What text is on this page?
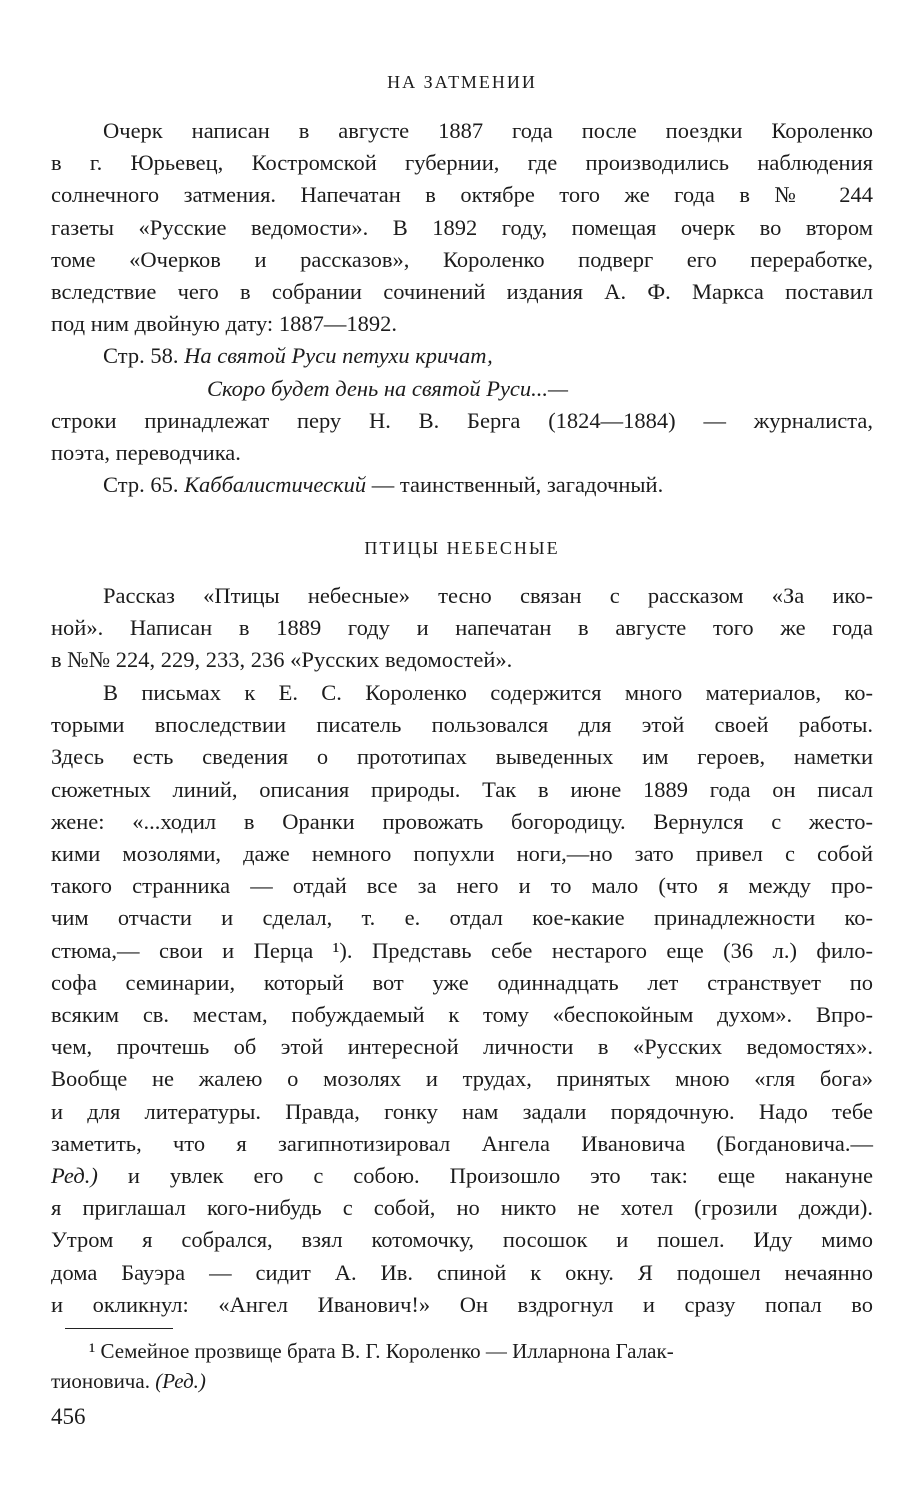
НА ЗАТМЕНИИ
Очерк написан в августе 1887 года после поездки Короленко
в г. Юрьевец, Костромской губернии, где производились наблюдения
солнечного затмения. Напечатан в октябре того же года в № 244
газеты «Русские ведомости». В 1892 году, помещая очерк во втором
томе «Очерков и рассказов», Короленко подверг его переработке,
вследствие чего в собрании сочинений издания А. Ф. Маркса поставил
под ним двойную дату: 1887—1892.
Стр. 58. На святой Руси петухи кричат,
Скоро будет день на святой Руси...—
строки принадлежат перу Н. В. Берга (1824—1884) — журналиста,
поэта, переводчика.
Стр. 65. Каббалистический — таинственный, загадочный.
ПТИЦЫ НЕБЕСНЫЕ
Рассказ «Птицы небесные» тесно связан с рассказом «За ико-
ной». Написан в 1889 году и напечатан в августе того же года
в №№ 224, 229, 233, 236 «Русских ведомостей».
В письмах к Е. С. Короленко содержится много материалов, ко-
торыми впоследствии писатель пользовался для этой своей работы.
Здесь есть сведения о прототипах выведенных им героев, наметки
сюжетных линий, описания природы. Так в июне 1889 года он писал
жене: «...ходил в Оранки провожать богородицу. Вернулся с жесто-
кими мозолями, даже немного попухли ноги,—но зато привел с собой
такого странника — отдай все за него и то мало (что я между про-
чим отчасти и сделал, т. е. отдал кое-какие принадлежности ко-
стюма,— свои и Перца ¹). Представь себе нестарого еще (36 л.) фило-
софа семинарии, который вот уже одиннадцать лет странствует по
всяким св. местам, побуждаемый к тому «беспокойным духом». Впро-
чем, прочтешь об этой интересной личности в «Русских ведомостях».
Вообще не жалею о мозолях и трудах, принятых мною «гля бога»
и для литературы. Правда, гонку нам задали порядочную. Надо тебе
заметить, что я загипнотизировал Ангела Ивановича (Богдановича.—
Ред.) и увлек его с собою. Произошло это так: еще накануне
я приглашал кого-нибудь с собой, но никто не хотел (грозили дожди).
Утром я собрался, взял котомочку, посошок и пошел. Иду мимо
дома Бауэра — сидит А. Ив. спиной к окну. Я подошел нечаянно
и окликнул: «Ангел Иванович!» Он вздрогнул и сразу попал во
¹ Семейное прозвище брата В. Г. Короленко — Илларнона Галак-
тионовича. (Ред.)
456
